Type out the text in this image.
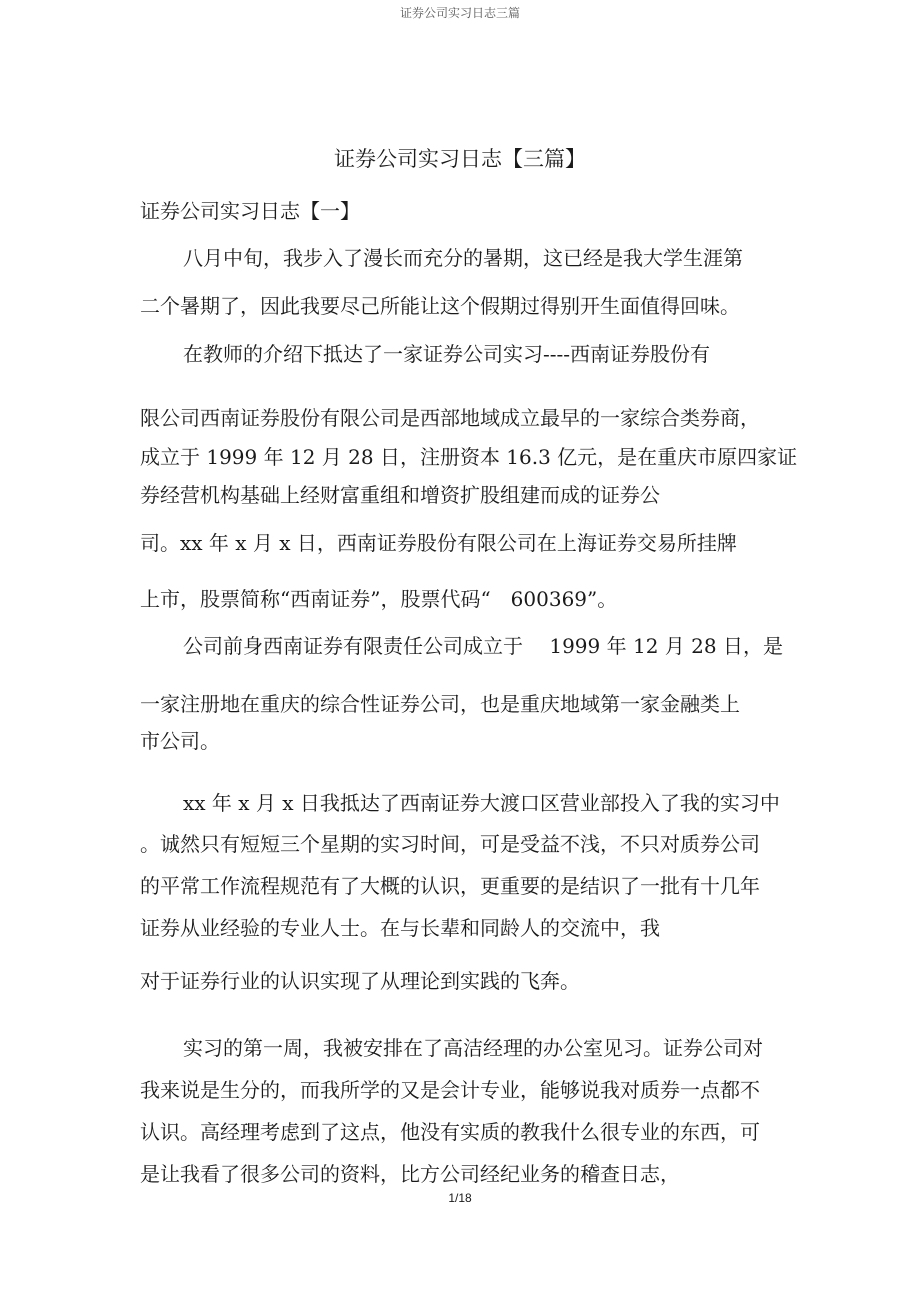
证券公司实习日志三篇
证券公司实习日志【三篇】
证券公司实习日志【一】
八月中旬，我步入了漫长而充分的暑期，这已经是我大学生涯第
二个暑期了，因此我要尽己所能让这个假期过得别开生面值得回味。
在教师的介绍下抵达了一家证券公司实习----西南证券股份有
限公司西南证券股份有限公司是西部地域成立最早的一家综合类券商，
成立于 1999 年 12 月 28 日，注册资本 16.3 亿元，是在重庆市原四家证
券经营机构基础上经财富重组和增资扩股组建而成的证券公
司。xx 年 x 月 x 日，西南证券股份有限公司在上海证券交易所挂牌
上市，股票简称“西南证券”，股票代码“　600369”。
公司前身西南证券有限责任公司成立于　 1999 年 12 月 28 日，是
一家注册地在重庆的综合性证券公司，也是重庆地域第一家金融类上
市公司。
xx 年 x 月 x 日我抵达了西南证券大渡口区营业部投入了我的实习中
。诚然只有短短三个星期的实习时间，可是受益不浅，不只对质券公司
的平常工作流程规范有了大概的认识，更重要的是结识了一批有十几年
证券从业经验的专业人士。在与长辈和同龄人的交流中，我
对于证券行业的认识实现了从理论到实践的飞奔。
实习的第一周，我被安排在了高洁经理的办公室见习。证券公司对
我来说是生分的，而我所学的又是会计专业，能够说我对质券一点都不
认识。高经理考虑到了这点，他没有实质的教我什么很专业的东西，可
是让我看了很多公司的资料，比方公司经纪业务的稽查日志，
1/18
